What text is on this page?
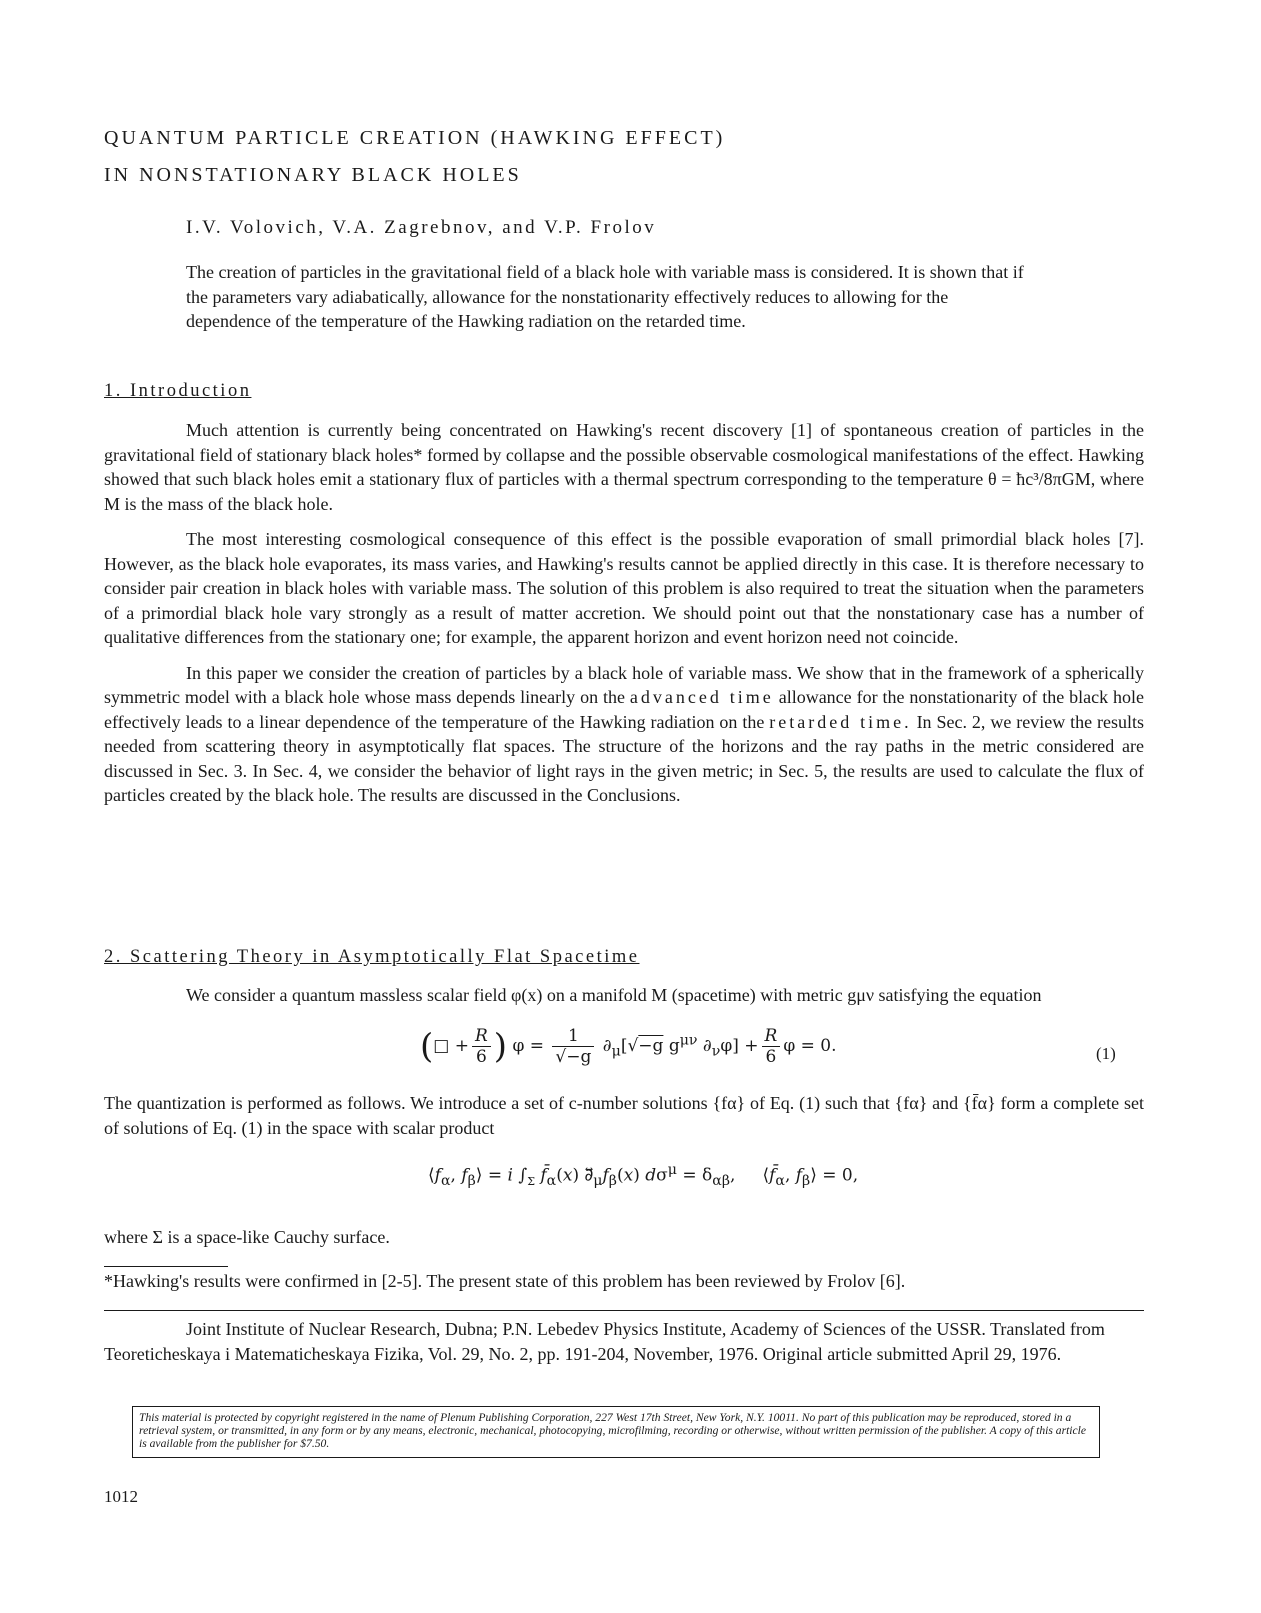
QUANTUM PARTICLE CREATION (HAWKING EFFECT)
IN NONSTATIONARY BLACK HOLES
I.V. Volovich, V.A. Zagrebnov, and V.P. Frolov
The creation of particles in the gravitational field of a black hole with variable mass is considered. It is shown that if the parameters vary adiabatically, allowance for the nonstationarity effectively reduces to allowing for the dependence of the temperature of the Hawking radiation on the retarded time.
1. Introduction

Much attention is currently being concentrated on Hawking's recent discovery [1] of spontaneous creation of particles in the gravitational field of stationary black holes* formed by collapse and the possible observable cosmological manifestations of the effect. Hawking showed that such black holes emit a stationary flux of particles with a thermal spectrum corresponding to the temperature θ = ħc³/8πGM, where M is the mass of the black hole.

The most interesting cosmological consequence of this effect is the possible evaporation of small primordial black holes [7]. However, as the black hole evaporates, its mass varies, and Hawking's results cannot be applied directly in this case. It is therefore necessary to consider pair creation in black holes with variable mass. The solution of this problem is also required to treat the situation when the parameters of a primordial black hole vary strongly as a result of matter accretion. We should point out that the nonstationary case has a number of qualitative differences from the stationary one; for example, the apparent horizon and event horizon need not coincide.

In this paper we consider the creation of particles by a black hole of variable mass. We show that in the framework of a spherically symmetric model with a black hole whose mass depends linearly on the advanced time allowance for the nonstationarity of the black hole effectively leads to a linear dependence of the temperature of the Hawking radiation on the retarded time. In Sec. 2, we review the results needed from scattering theory in asymptotically flat spaces. The structure of the horizons and the ray paths in the metric considered are discussed in Sec. 3. In Sec. 4, we consider the behavior of light rays in the given metric; in Sec. 5, the results are used to calculate the flux of particles created by the black hole. The results are discussed in the Conclusions.

2. Scattering Theory in Asymptotically Flat Spacetime

We consider a quantum massless scalar field φ(x) on a manifold M (spacetime) with metric gμν satisfying the equation

(□ + $\frac{R}{6}$ ) $\varphi = \frac{1}{√-g} \partial_\mu[√-g$ $g^{\mu\nu}$ $\partial_\nu\varphi] + \frac{R}{6}$ φ = 0.	(1)

The quantization is performed as follows. We introduce a set of c-number solutions {fα} of Eq. (1) such that {fα} and {f̄α} form a complete set of solutions of Eq. (1) in the space with scalar product

$⟨f_\alpha$, $f_\beta⟩ = i$ $\int_\Sigma$ $f̄_\alpha(x)$ $\partial⃡_\mu f_\beta(x) d\sigma^\mu = \delta_{\alpha\beta}$,     $⟨f̄_\alpha$, $f_\beta⟩ = 0$,

where Σ is a space-like Cauchy surface.

*Hawking's results were confirmed in [2-5]. The present state of this problem has been reviewed by Frolov [6].

Joint Institute of Nuclear Research, Dubna; P.N. Lebedev Physics Institute, Academy of Sciences of the USSR. Translated from Teoreticheskaya i Matematicheskaya Fizika, Vol. 29, No. 2, pp. 191-204, November, 1976. Original article submitted April 29, 1976.

This material is protected by copyright registered in the name of Plenum Publishing Corporation, 227 West 17th Street, New York, N.Y. 10011. No part of this publication may be reproduced, stored in a retrieval system, or transmitted, in any form or by any means, electronic, mechanical, photocopying, microfilming, recording or otherwise, without written permission of the publisher. A copy of this article is available from the publisher for $7.50.
1012
